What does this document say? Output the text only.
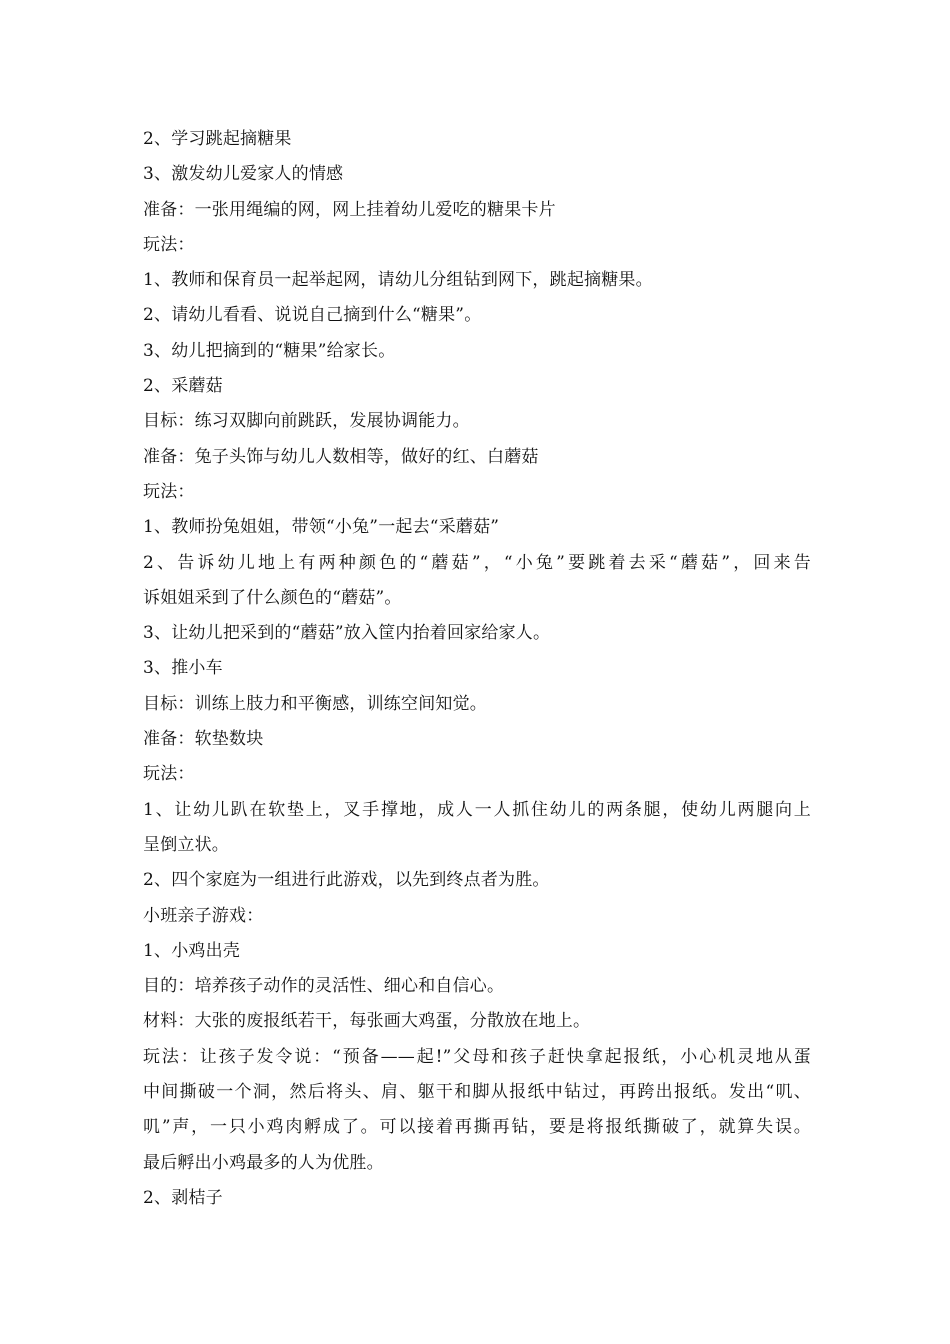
2、学习跳起摘糖果
3、激发幼儿爱家人的情感
准备：一张用绳编的网，网上挂着幼儿爱吃的糖果卡片
玩法：
1、教师和保育员一起举起网，请幼儿分组钻到网下，跳起摘糖果。
2、请幼儿看看、说说自己摘到什么“糖果”。
3、幼儿把摘到的“糖果”给家长。
2、采蘑菇
目标：练习双脚向前跳跃，发展协调能力。
准备：兔子头饰与幼儿人数相等，做好的红、白蘑菇
玩法：
1、教师扮兔姐姐，带领“小兔”一起去“采蘑菇”
2、告诉幼儿地上有两种颜色的“蘑菇”，“小兔”要跳着去采“蘑菇”，回来告
诉姐姐采到了什么颜色的“蘑菇”。
3、让幼儿把采到的“蘑菇”放入筐内抬着回家给家人。
3、推小车
目标：训练上肢力和平衡感，训练空间知觉。
准备：软垫数块
玩法：
1、让幼儿趴在软垫上，叉手撑地，成人一人抓住幼儿的两条腿，使幼儿两腿向上
呈倒立状。
2、四个家庭为一组进行此游戏，以先到终点者为胜。
小班亲子游戏：
1、小鸡出壳
目的：培养孩子动作的灵活性、细心和自信心。
材料：大张的废报纸若干，每张画大鸡蛋，分散放在地上。
玩法：让孩子发令说：“预备——起!”父母和孩子赶快拿起报纸，小心机灵地从蛋
中间撕破一个洞，然后将头、肩、躯干和脚从报纸中钻过，再跨出报纸。发出“叽、
叽”声，一只小鸡肉孵成了。可以接着再撕再钻，要是将报纸撕破了，就算失误。
最后孵出小鸡最多的人为优胜。
2、剥桔子
